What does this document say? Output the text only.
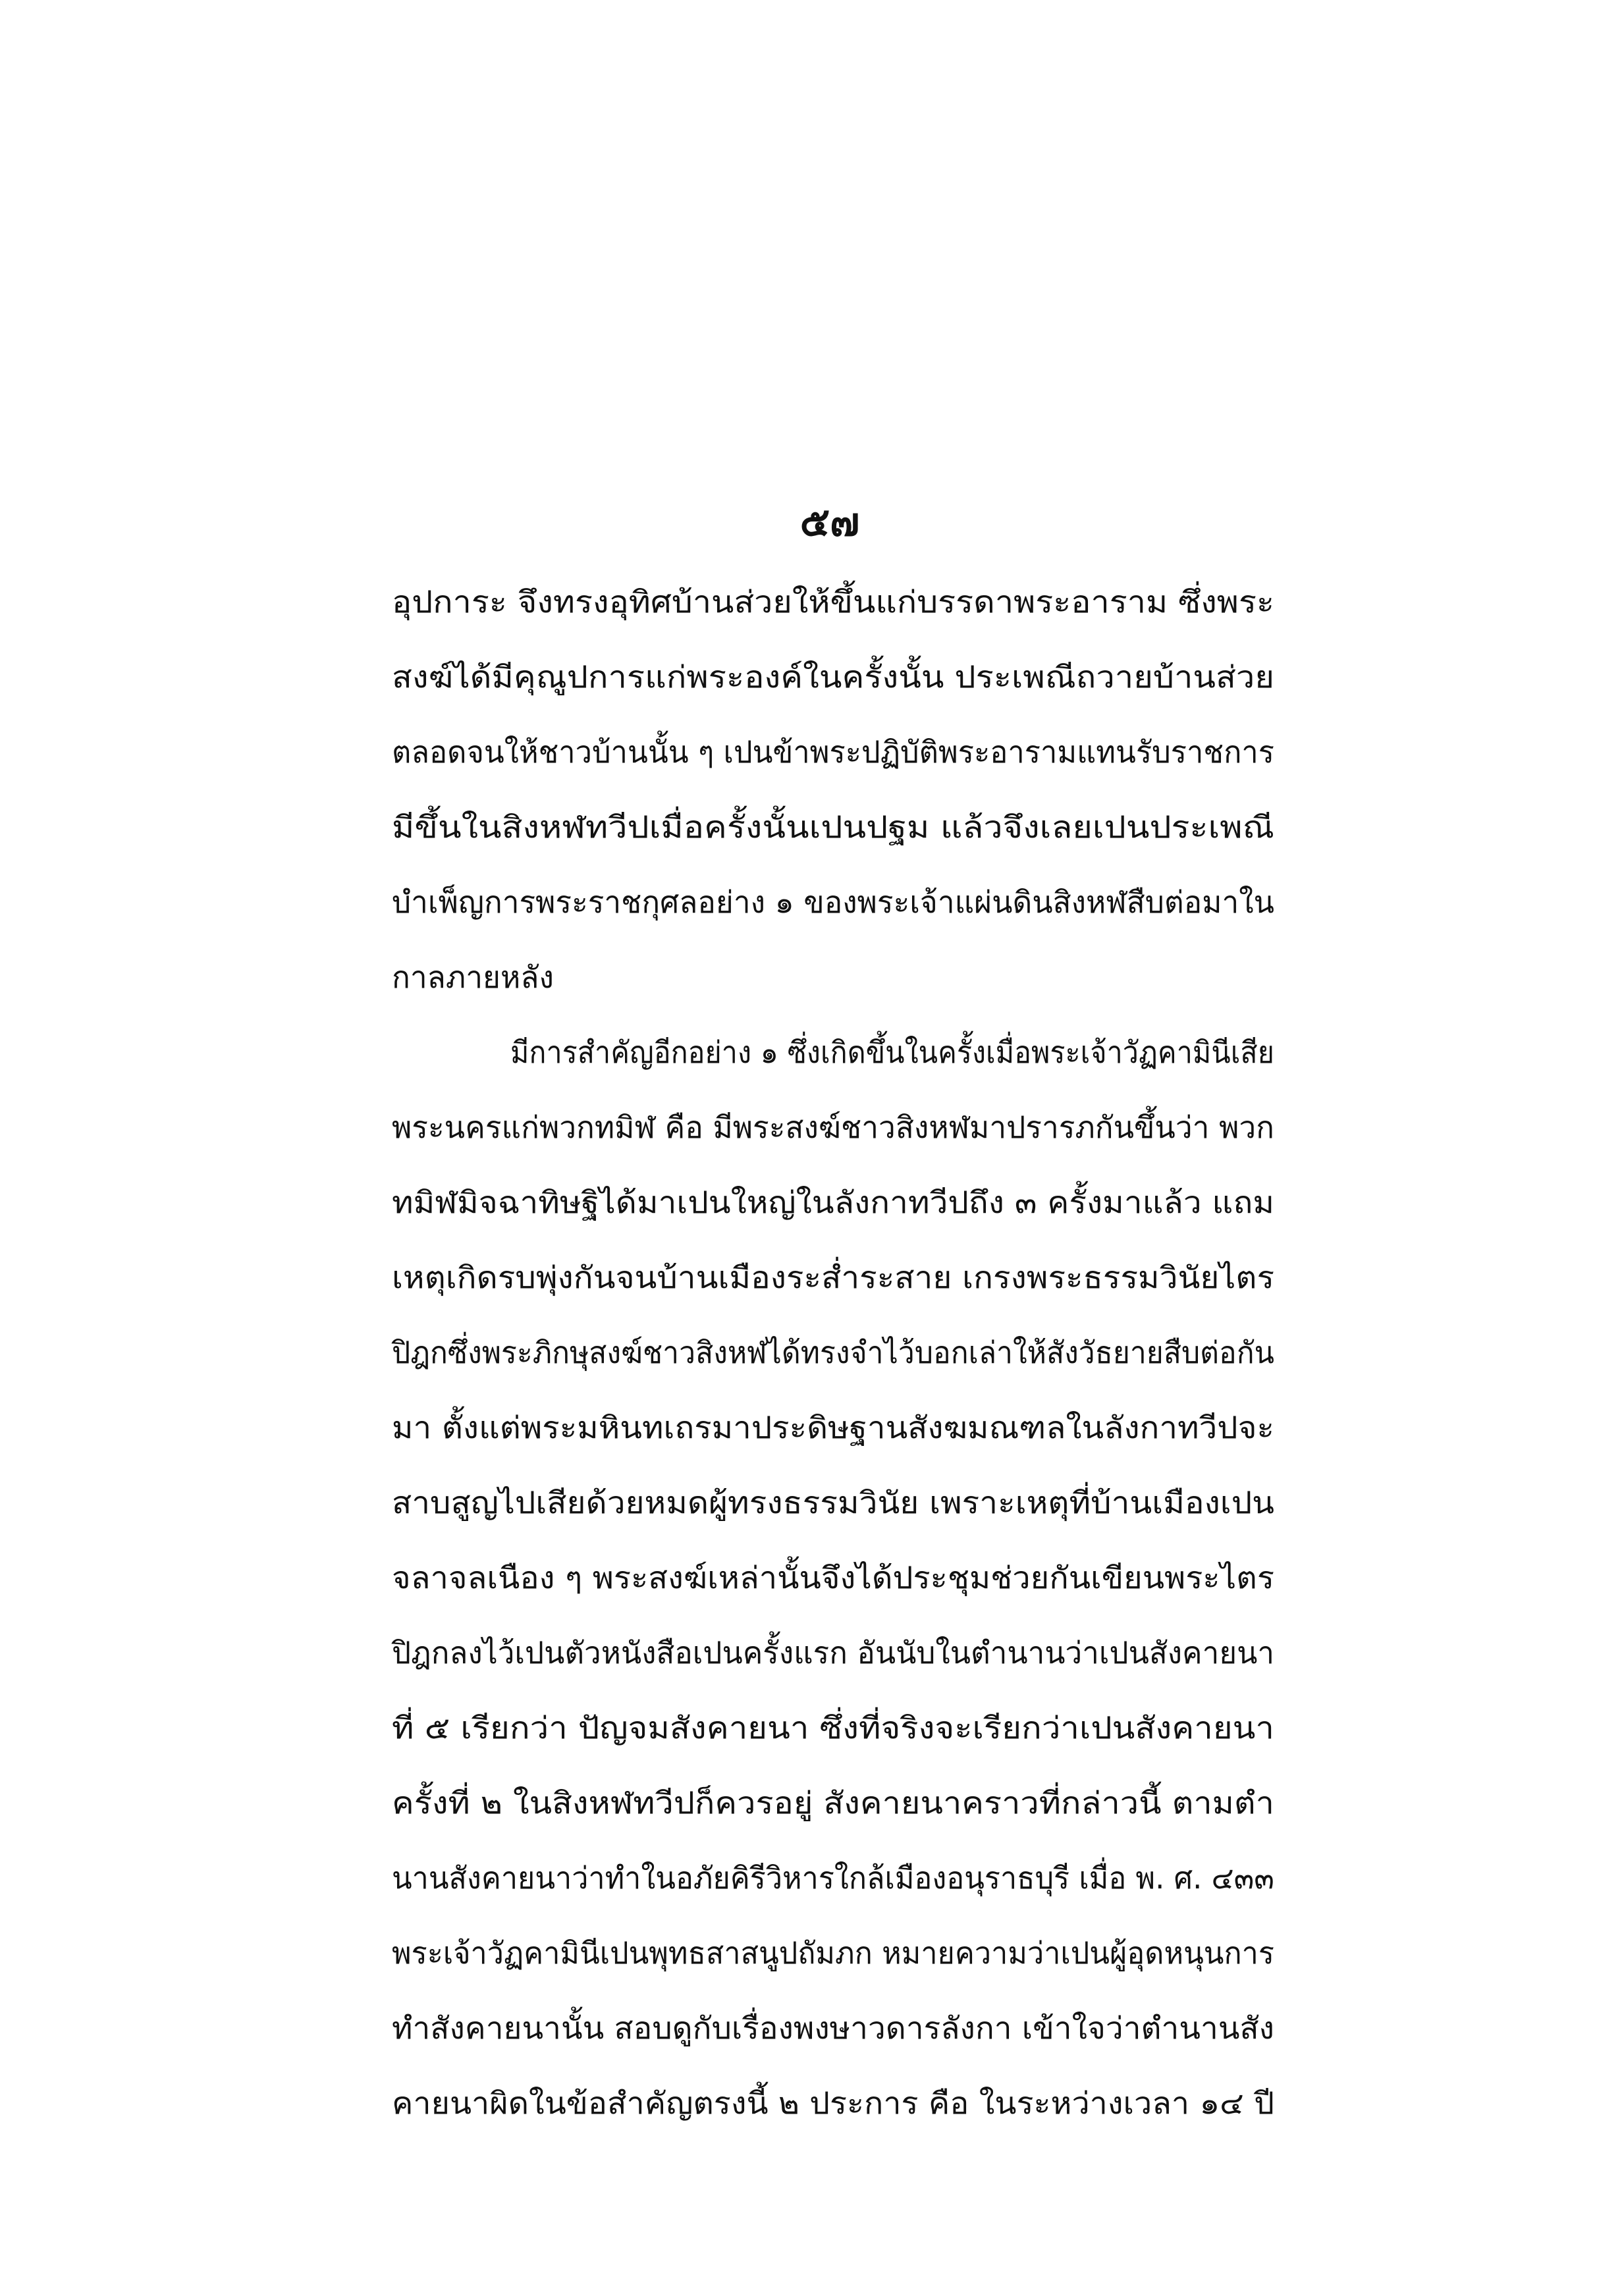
๕๗
อุปการะ จึงทรงอุทิศบ้านส่วยให้ขึ้นแก่บรรดาพระอาราม ซึ่งพระ
สงฆ์ได้มีคุณูปการแก่พระองค์ในครั้งนั้น ประเพณีถวายบ้านส่วย
ตลอดจนให้ชาวบ้านนั้น ๆ เปนข้าพระปฏิบัติพระอารามแทนรับราชการ
มีขึ้นในสิงหฬทวีปเมื่อครั้งนั้นเปนปฐม แล้วจึงเลยเปนประเพณี
บำเพ็ญการพระราชกุศลอย่าง ๑ ของพระเจ้าแผ่นดินสิงหฬสืบต่อมาใน
กาลภายหลัง
มีการสำคัญอีกอย่าง ๑ ซึ่งเกิดขึ้นในครั้งเมื่อพระเจ้าวัฏคามินีเสีย
พระนครแก่พวกทมิฬ คือ มีพระสงฆ์ชาวสิงหฬมาปรารภกันขึ้นว่า พวก
ทมิฬมิจฉาทิษฐิได้มาเปนใหญ่ในลังกาทวีปถึง ๓ ครั้งมาแล้ว แถม
เหตุเกิดรบพุ่งกันจนบ้านเมืองระส่ำระสาย เกรงพระธรรมวินัยไตร
ปิฎกซึ่งพระภิกษุสงฆ์ชาวสิงหฬได้ทรงจำไว้บอกเล่าให้สังวัธยายสืบต่อกัน
มา ตั้งแต่พระมหินทเถรมาประดิษฐานสังฆมณฑลในลังกาทวีปจะ
สาบสูญไปเสียด้วยหมดผู้ทรงธรรมวินัย เพราะเหตุที่บ้านเมืองเปน
จลาจลเนือง ๆ พระสงฆ์เหล่านั้นจึงได้ประชุมช่วยกันเขียนพระไตร
ปิฎกลงไว้เปนตัวหนังสือเปนครั้งแรก อันนับในตำนานว่าเปนสังคายนา
ที่ ๕ เรียกว่า ปัญจมสังคายนา ซึ่งที่จริงจะเรียกว่าเปนสังคายนา
ครั้งที่ ๒ ในสิงหฬทวีปก็ควรอยู่ สังคายนาคราวที่กล่าวนี้ ตามตำ
นานสังคายนาว่าทำในอภัยคิรีวิหารใกล้เมืองอนุราธบุรี เมื่อ พ. ศ. ๔๓๓
พระเจ้าวัฏคามินีเปนพุทธสาสนูปถัมภก หมายความว่าเปนผู้อุดหนุนการ
ทำสังคายนานั้น สอบดูกับเรื่องพงษาวดารลังกา เข้าใจว่าตำนานสัง
คายนาผิดในข้อสำคัญตรงนี้ ๒ ประการ คือ ในระหว่างเวลา ๑๔ ปี
